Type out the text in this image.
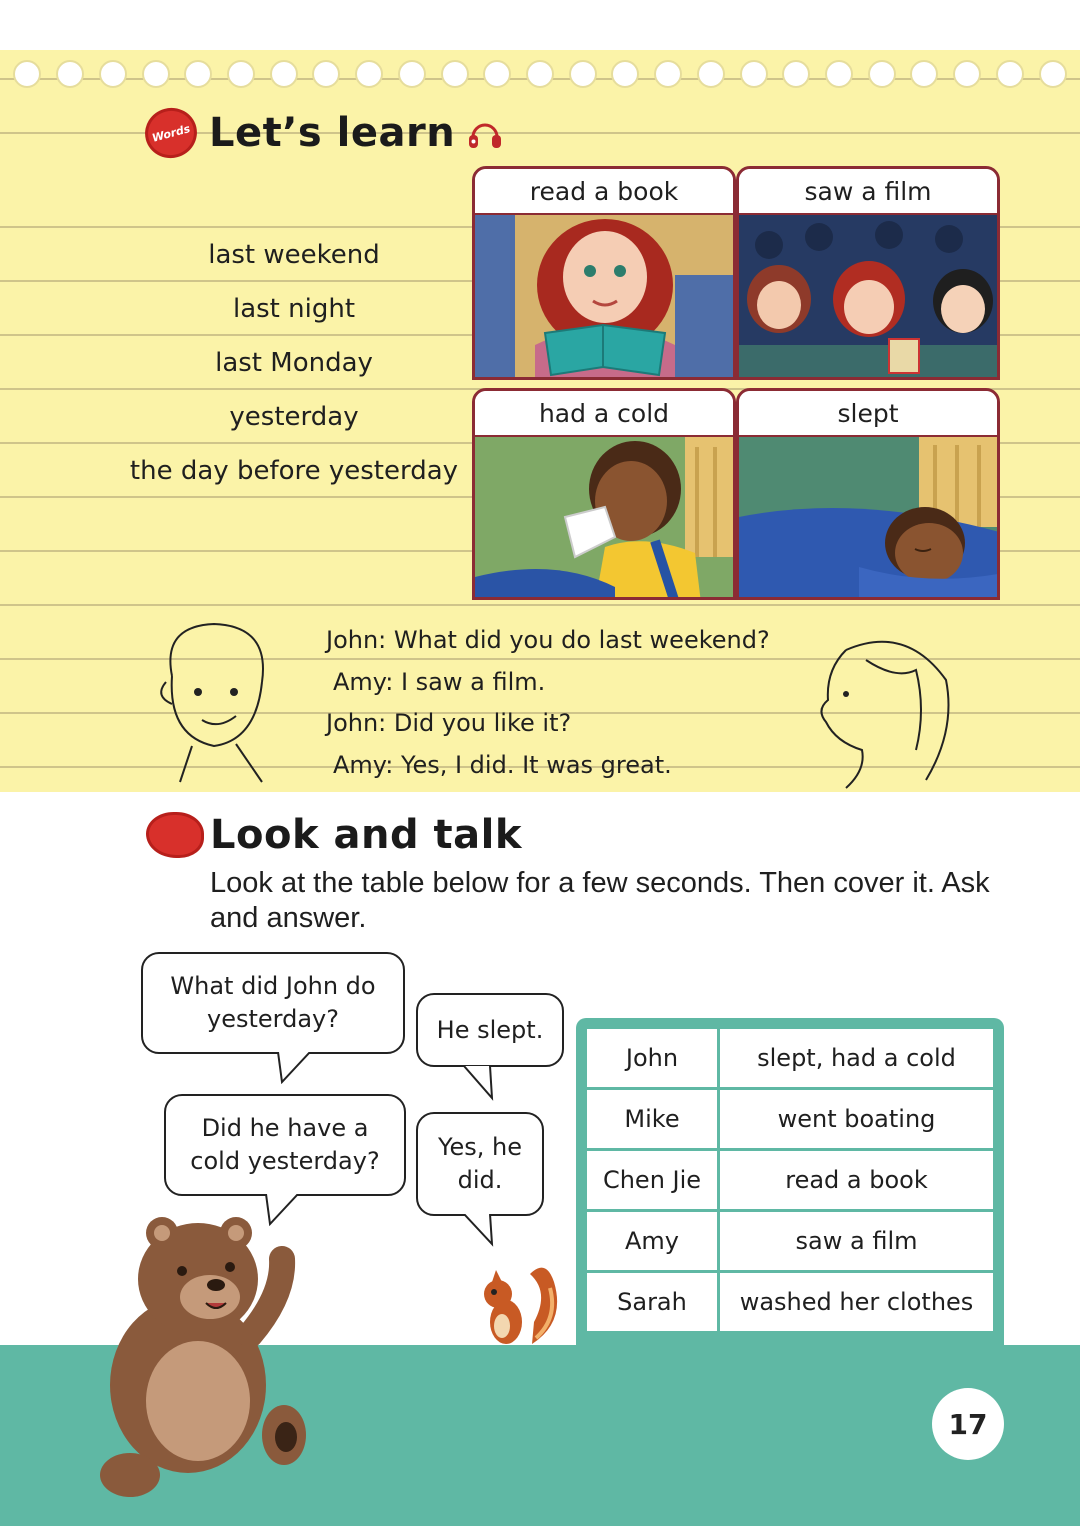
Words Let’s learn
last weekend
last night
last Monday
yesterday
the day before yesterday
read a book	saw a film
had a cold	slept
John: What did you do last weekend?
Amy: I saw a film.
John: Did you like it?
Amy: Yes, I did. It was great.
Look and talk
Look at the table below for a few seconds. Then cover it. Ask and answer.
What did John do yesterday?	He slept.
Did he have a cold yesterday?	Yes, he did.
John	slept, had a cold
Mike	went boating
Chen Jie	read a book
Amy	saw a film
Sarah	washed her clothes
17
